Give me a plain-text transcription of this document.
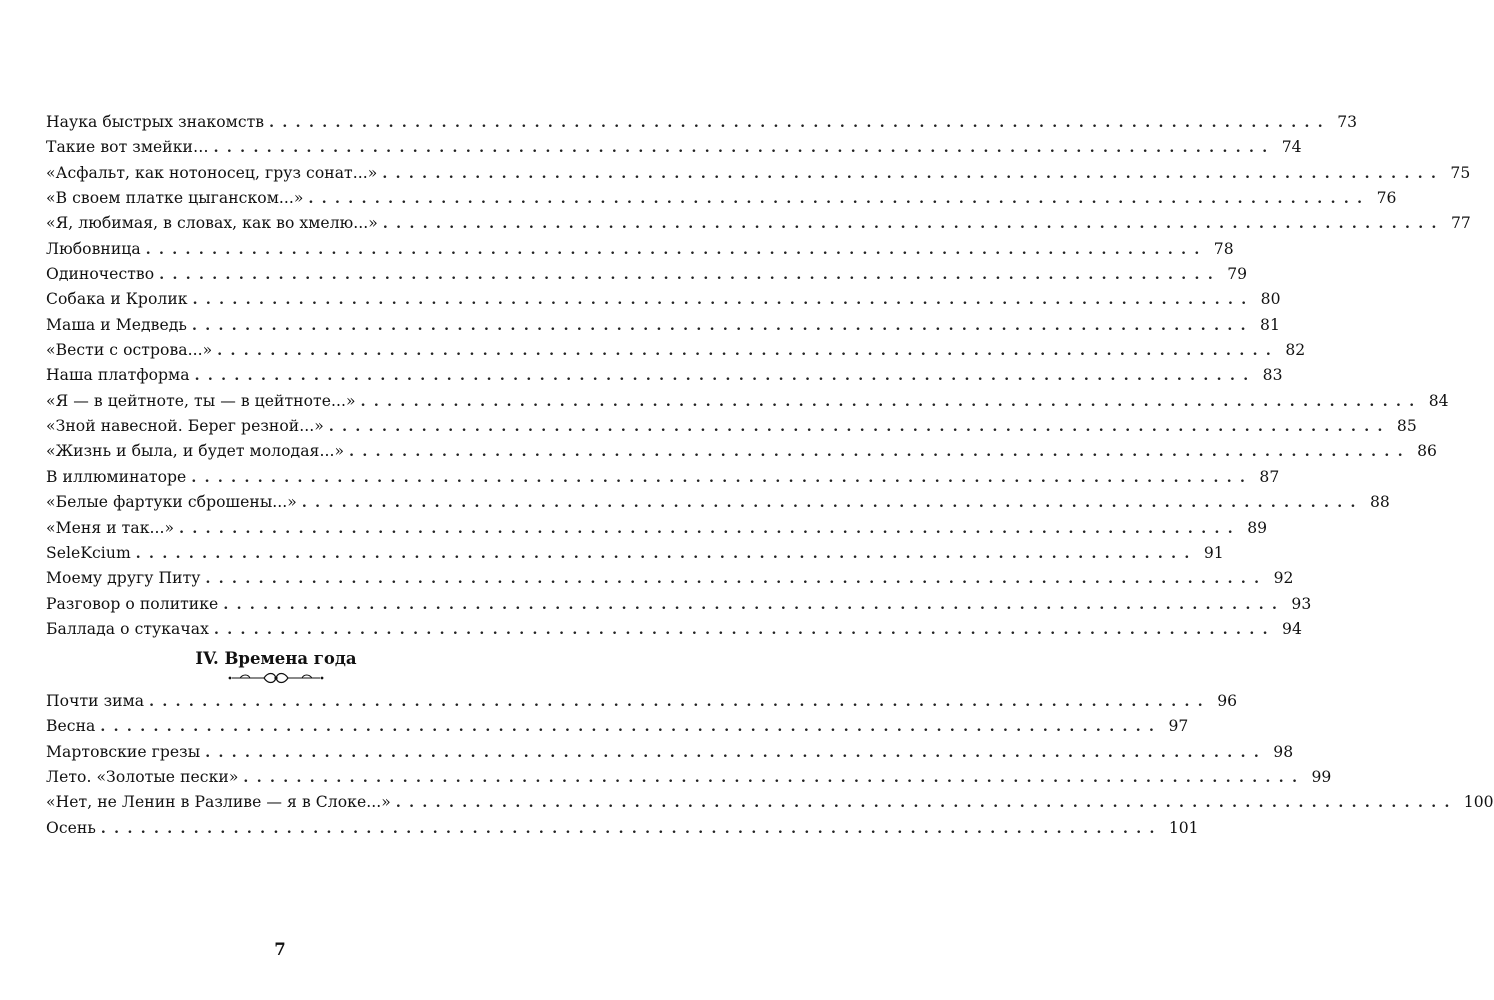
Наука быстрых знакомств ................................................................................ 73
Такие вот змейки… ................................................................................ 74
«Асфальт, как нотоносец, груз сонат...» ................................................................................ 75
«В своем платке цыганском...» ................................................................................ 76
«Я, любимая, в словах, как во хмелю...» ................................................................................ 77
Любовница ................................................................................ 78
Одиночество ................................................................................ 79
Собака и Кролик ................................................................................ 80
Маша и Медведь ................................................................................ 81
«Вести с острова...» ................................................................................ 82
Наша платформа ................................................................................ 83
«Я — в цейтноте, ты — в цейтноте...» ................................................................................ 84
«Зной навесной. Берег резной...» ................................................................................ 85
«Жизнь и была, и будет молодая...» ................................................................................ 86
В иллюминаторе ................................................................................ 87
«Белые фартуки сброшены...» ................................................................................ 88
«Меня и так...» ................................................................................ 89
SeleKcium ................................................................................ 91
Моему другу Питу ................................................................................ 92
Разговор о политике ................................................................................ 93
Баллада о стукачах ................................................................................ 94
IV. Времена года
Почти зима ................................................................................ 96
Весна ................................................................................ 97
Мартовские грезы ................................................................................ 98
Лето. «Золотые пески» ................................................................................ 99
«Нет, не Ленин в Разливе — я в Слоке...» ................................................................................ 100
Осень ................................................................................ 101
7
